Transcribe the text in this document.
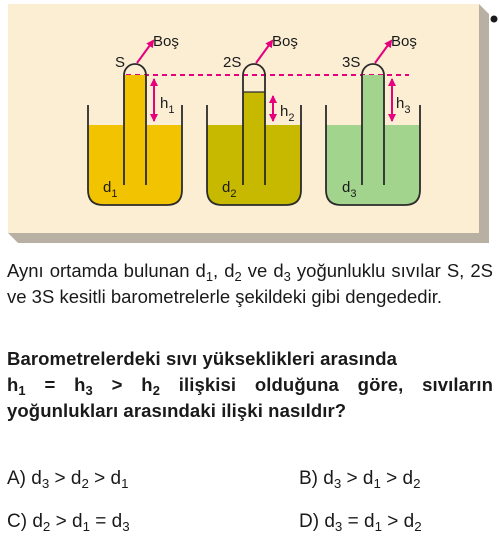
Boş
S
$h_1$
$d_1$
Boş
2S
$h_2$
$d_2$
Boş
3S
$h_3$
$d_3$
Aynı ortamda bulunan $d_1$, $d_2$ ve $d_3$ yoğunluklu sıvılar S, 2S ve 3S kesitli barometrelerle şekildeki gibi dengededir.
Barometrelerdeki sıvı yükseklikleri arasında
$h_1 = h_3 > h_2$ ilişkisi olduğuna göre, sıvıların yoğunlukları arasındaki ilişki nasıldır?
A) $d_3 > d_2 > d_1$	B) $d_3 > d_1 > d_2$
C) $d_2 > d_1 = d_3$	D) $d_3 = d_1 > d_2$
